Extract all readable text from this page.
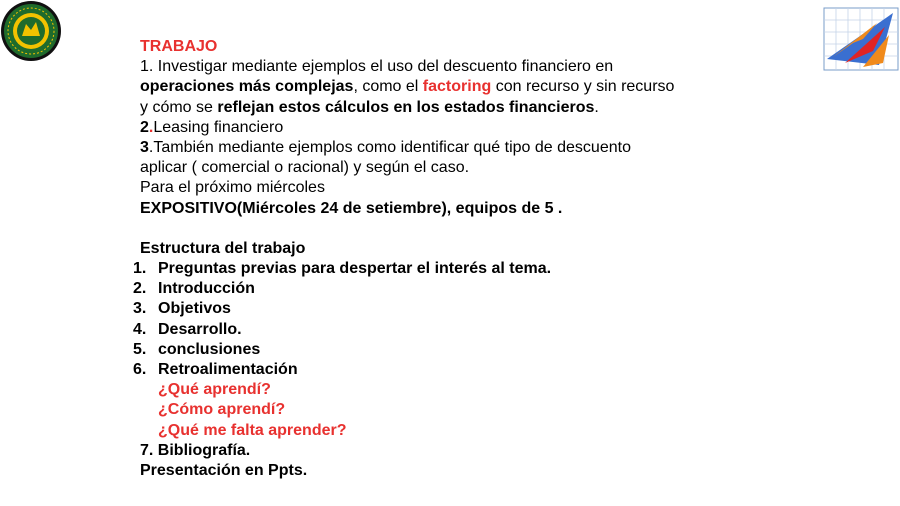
TRABAJO
1. Investigar mediante ejemplos el uso del descuento financiero en
operaciones más complejas, como el factoring con recurso y sin recurso
y cómo se reflejan estos cálculos en los estados financieros.
2.Leasing financiero
3.También mediante ejemplos como identificar qué tipo de descuento
aplicar ( comercial o racional) y según el caso.
Para el próximo miércoles
EXPOSITIVO(Miércoles 24 de setiembre), equipos de 5 .
Estructura del trabajo
1. Preguntas previas para despertar el interés al tema.
2. Introducción
3. Objetivos
4. Desarrollo.
5. conclusiones
6. Retroalimentación
¿Qué aprendí?
¿Cómo aprendí?
¿Qué me falta aprender?
7. Bibliografía.
Presentación en Ppts.
